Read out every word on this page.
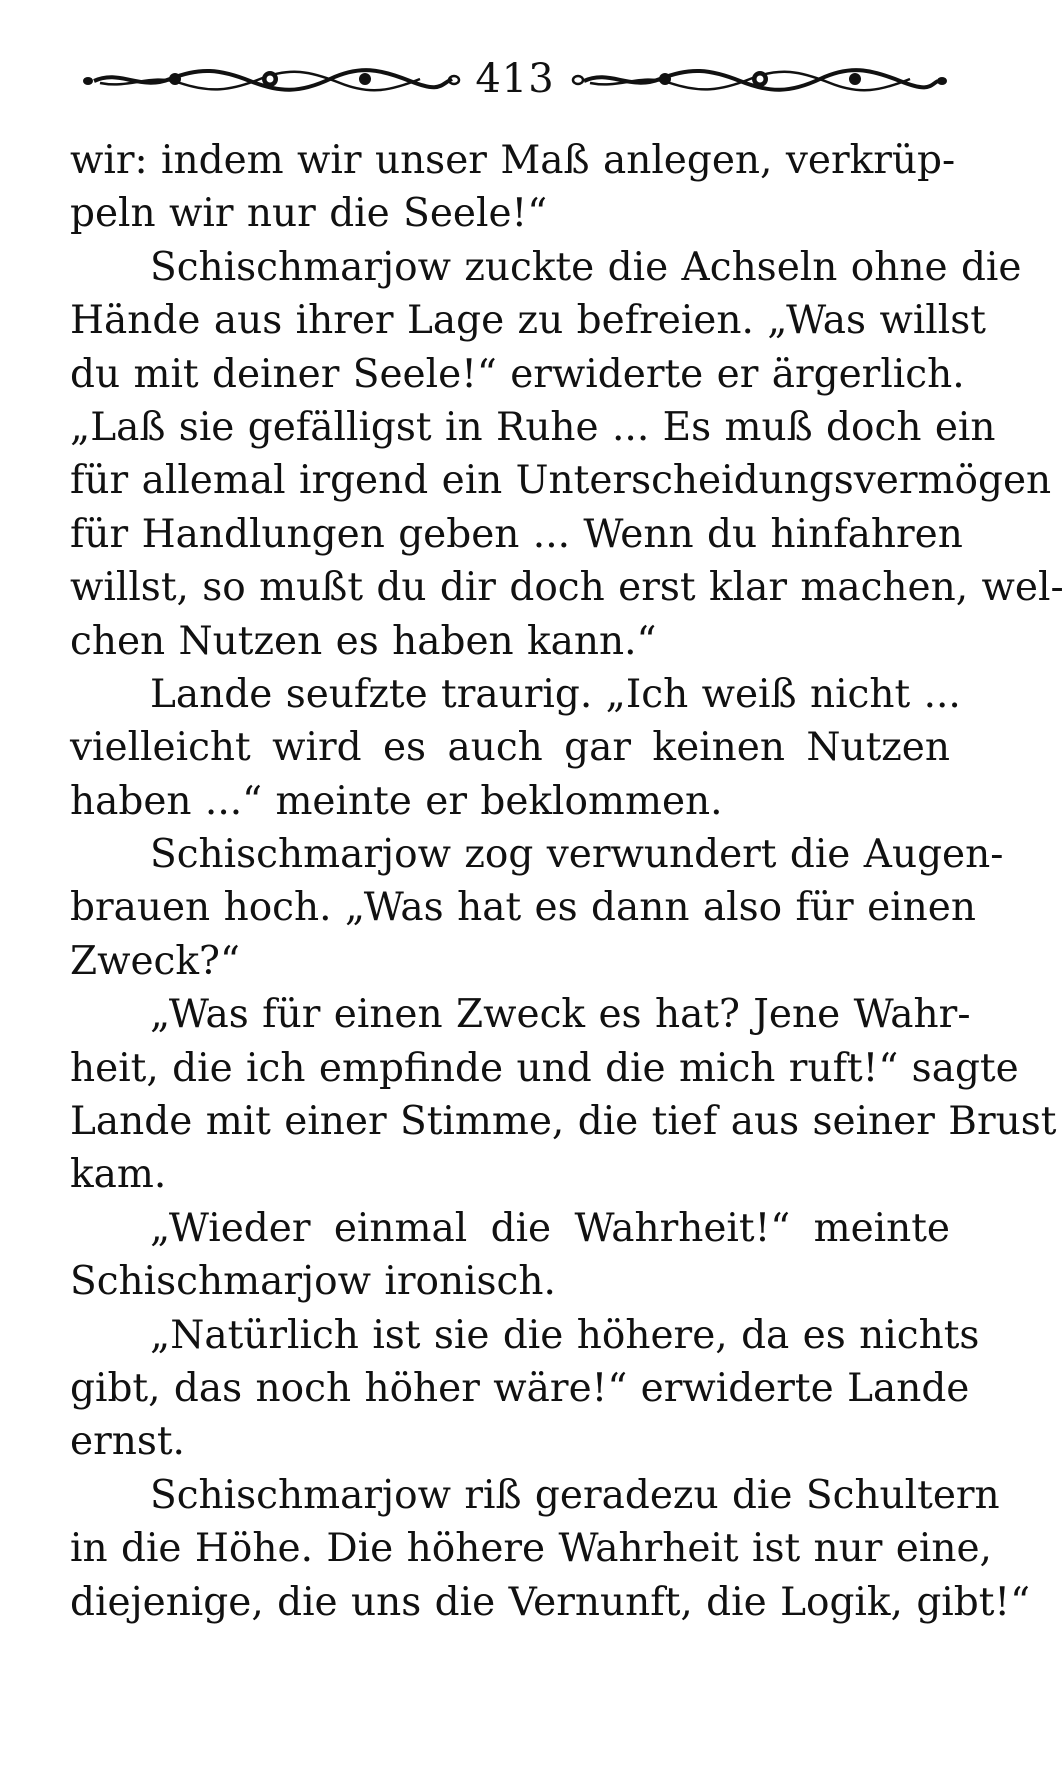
413
wir: indem wir unser Maß anlegen, verkrüp-
peln wir nur die Seele!“
Schischmarjow zuckte die Achseln ohne die
Hände aus ihrer Lage zu befreien. „Was willst
du mit deiner Seele!“ erwiderte er ärgerlich.
„Laß sie gefälligst in Ruhe ... Es muß doch ein
für allemal irgend ein Unterscheidungsvermögen
für Handlungen geben ... Wenn du hinfahren
willst, so mußt du dir doch erst klar machen, wel-
chen Nutzen es haben kann.“
Lande seufzte traurig. „Ich weiß nicht ...
vielleicht wird es auch gar keinen Nutzen
haben ...“ meinte er beklommen.
Schischmarjow zog verwundert die Augen-
brauen hoch. „Was hat es dann also für einen
Zweck?“
„Was für einen Zweck es hat? Jene Wahr-
heit, die ich empfinde und die mich ruft!“ sagte
Lande mit einer Stimme, die tief aus seiner Brust
kam.
„Wieder einmal die Wahrheit!“ meinte
Schischmarjow ironisch.
„Natürlich ist sie die höhere, da es nichts
gibt, das noch höher wäre!“ erwiderte Lande
ernst.
Schischmarjow riß geradezu die Schultern
in die Höhe. Die höhere Wahrheit ist nur eine,
diejenige, die uns die Vernunft, die Logik, gibt!“
